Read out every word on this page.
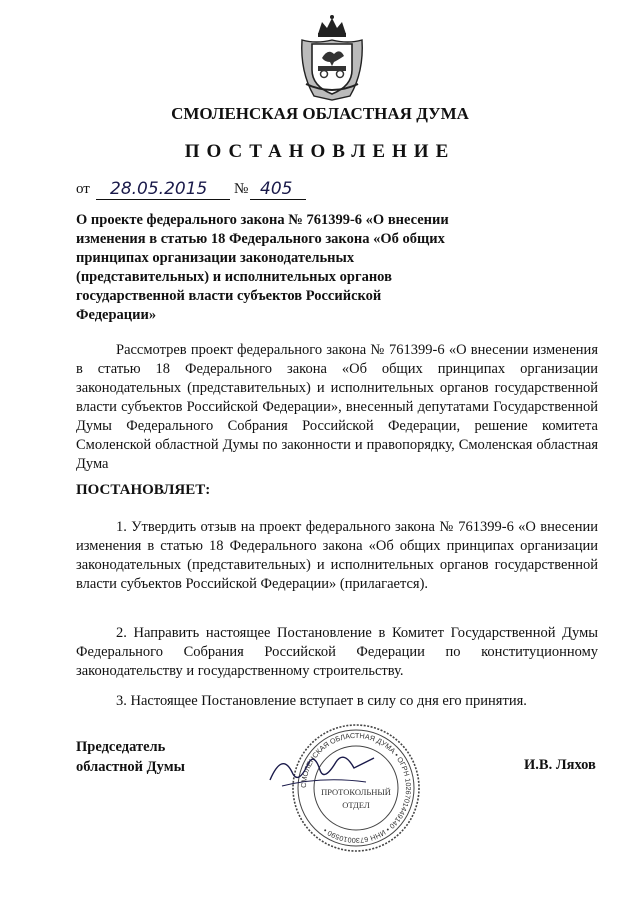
СМОЛЕНСКАЯ ОБЛАСТНАЯ ДУМА
ПОСТАНОВЛЕНИЕ
от 28.05.2015 № 405
О проекте федерального закона № 761399-6 «О внесении изменения в статью 18 Федерального закона «Об общих принципах организации законодательных (представительных) и исполнительных органов государственной власти субъектов Российской Федерации»
Рассмотрев проект федерального закона № 761399-6 «О внесении изменения в статью 18 Федерального закона «Об общих принципах организации законодательных (представительных) и исполнительных органов государственной власти субъектов Российской Федерации», внесенный депутатами Государственной Думы Федерального Собрания Российской Федерации, решение комитета Смоленской областной Думы по законности и правопорядку, Смоленская областная Дума
ПОСТАНОВЛЯЕТ:
1. Утвердить отзыв на проект федерального закона № 761399-6 «О внесении изменения в статью 18 Федерального закона «Об общих принципах организации законодательных (представительных) и исполнительных органов государственной власти субъектов Российской Федерации» (прилагается).
2. Направить настоящее Постановление в Комитет Государственной Думы Федерального Собрания Российской Федерации по конституционному законодательству и государственному строительству.
3. Настоящее Постановление вступает в силу со дня его принятия.
Председатель
областной Думы
СМОЛЕНСКАЯ ОБЛАСТНАЯ ДУМА • ОГРН 1026701449140 • ИНН 6730010590 •
ПРОТОКОЛЬНЫЙ
ОТДЕЛ
И.В. Ляхов
